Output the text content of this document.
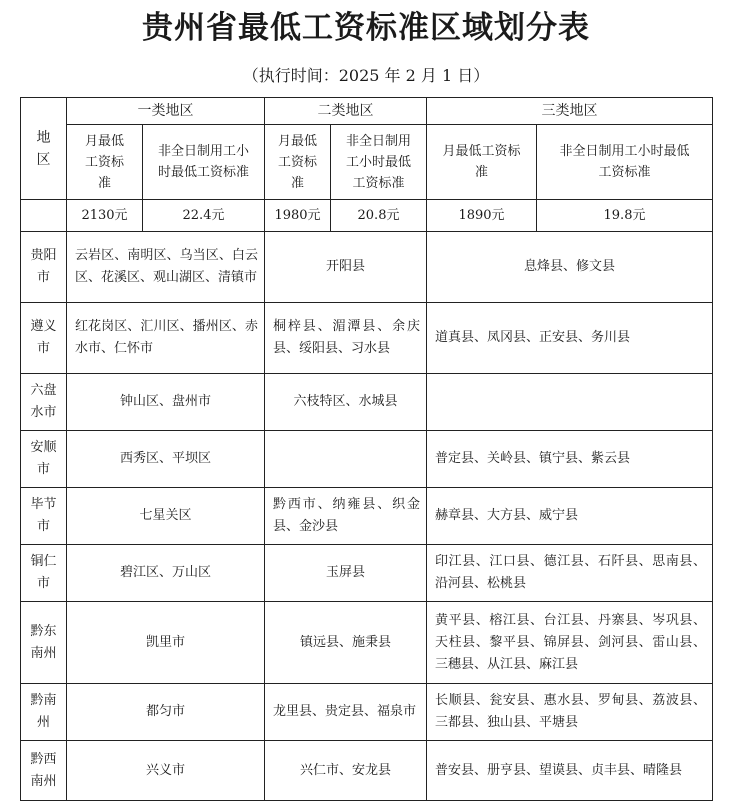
贵州省最低工资标准区域划分表
（执行时间：2025 年 2 月 1 日）
地区	一类地区		二类地区		三类地区	
	月最低工资标准	非全日制用工小时最低工资标准	月最低工资标准	非全日制用工小时最低工资标准	月最低工资标准	非全日制用工小时最低工资标准
	2130元	22.4元	1980元	20.8元	1890元	19.8元
贵阳市	云岩区、南明区、乌当区、白云区、花溪区、观山湖区、清镇市		开阳县		息烽县、修文县	
遵义市	红花岗区、汇川区、播州区、赤水市、仁怀市		桐梓县、湄潭县、余庆县、绥阳县、习水县		道真县、凤冈县、正安县、务川县	
六盘水市	钟山区、盘州市		六枝特区、水城县			
安顺市	西秀区、平坝区				普定县、关岭县、镇宁县、紫云县	
毕节市	七星关区		黔西市、纳雍县、织金县、金沙县		赫章县、大方县、威宁县	
铜仁市	碧江区、万山区		玉屏县		印江县、江口县、德江县、石阡县、思南县、沿河县、松桃县	
黔东南州	凯里市		镇远县、施秉县		黄平县、榕江县、台江县、丹寨县、岑巩县、天柱县、黎平县、锦屏县、剑河县、雷山县、三穗县、从江县、麻江县	
黔南州	都匀市		龙里县、贵定县、福泉市		长顺县、瓮安县、惠水县、罗甸县、荔波县、三都县、独山县、平塘县	
黔西南州	兴义市		兴仁市、安龙县		普安县、册亨县、望谟县、贞丰县、晴隆县	
